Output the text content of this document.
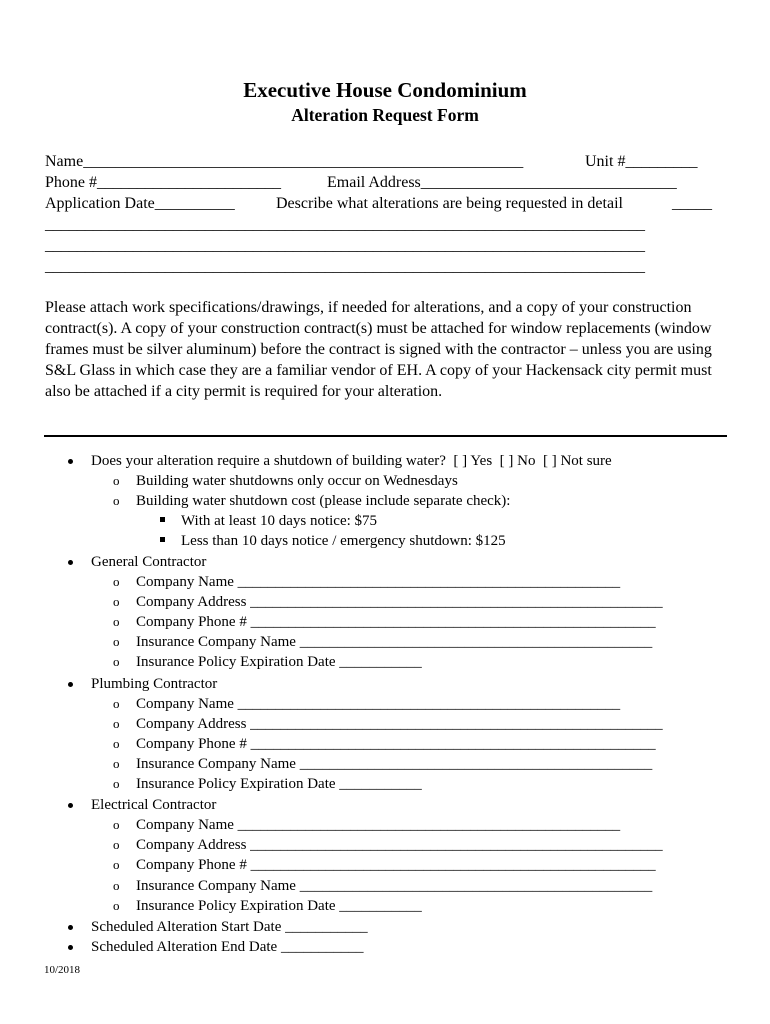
Executive House Condominium
Alteration Request Form
Name_______________________________________________________	Unit #_________
Phone #_______________________	Email Address________________________________
Application Date__________	Describe what alterations are being requested in detail	_____
___________________________________________________________________________
___________________________________________________________________________
___________________________________________________________________________
Please attach work specifications/drawings, if needed for alterations, and a copy of your construction contract(s). A copy of your construction contract(s) must be attached for window replacements (window frames must be silver aluminum) before the contract is signed with the contractor – unless you are using S&L Glass in which case they are a familiar vendor of EH. A copy of your Hackensack city permit must also be attached if a city permit is required for your alteration.
Does your alteration require a shutdown of building water?  [ ] Yes  [ ] No  [ ] Not sure
o Building water shutdowns only occur on Wednesdays
o Building water shutdown cost (please include separate check):
With at least 10 days notice: $75
Less than 10 days notice / emergency shutdown: $125
General Contractor
o Company Name ___________________________________________________
o Company Address _______________________________________________________
o Company Phone # ______________________________________________________
o Insurance Company Name _______________________________________________
o Insurance Policy Expiration Date ___________
Plumbing Contractor
o Company Name ___________________________________________________
o Company Address _______________________________________________________
o Company Phone # ______________________________________________________
o Insurance Company Name _______________________________________________
o Insurance Policy Expiration Date ___________
Electrical Contractor
o Company Name ___________________________________________________
o Company Address _______________________________________________________
o Company Phone # ______________________________________________________
o Insurance Company Name _______________________________________________
o Insurance Policy Expiration Date ___________
Scheduled Alteration Start Date ___________
Scheduled Alteration End Date ___________
10/2018
